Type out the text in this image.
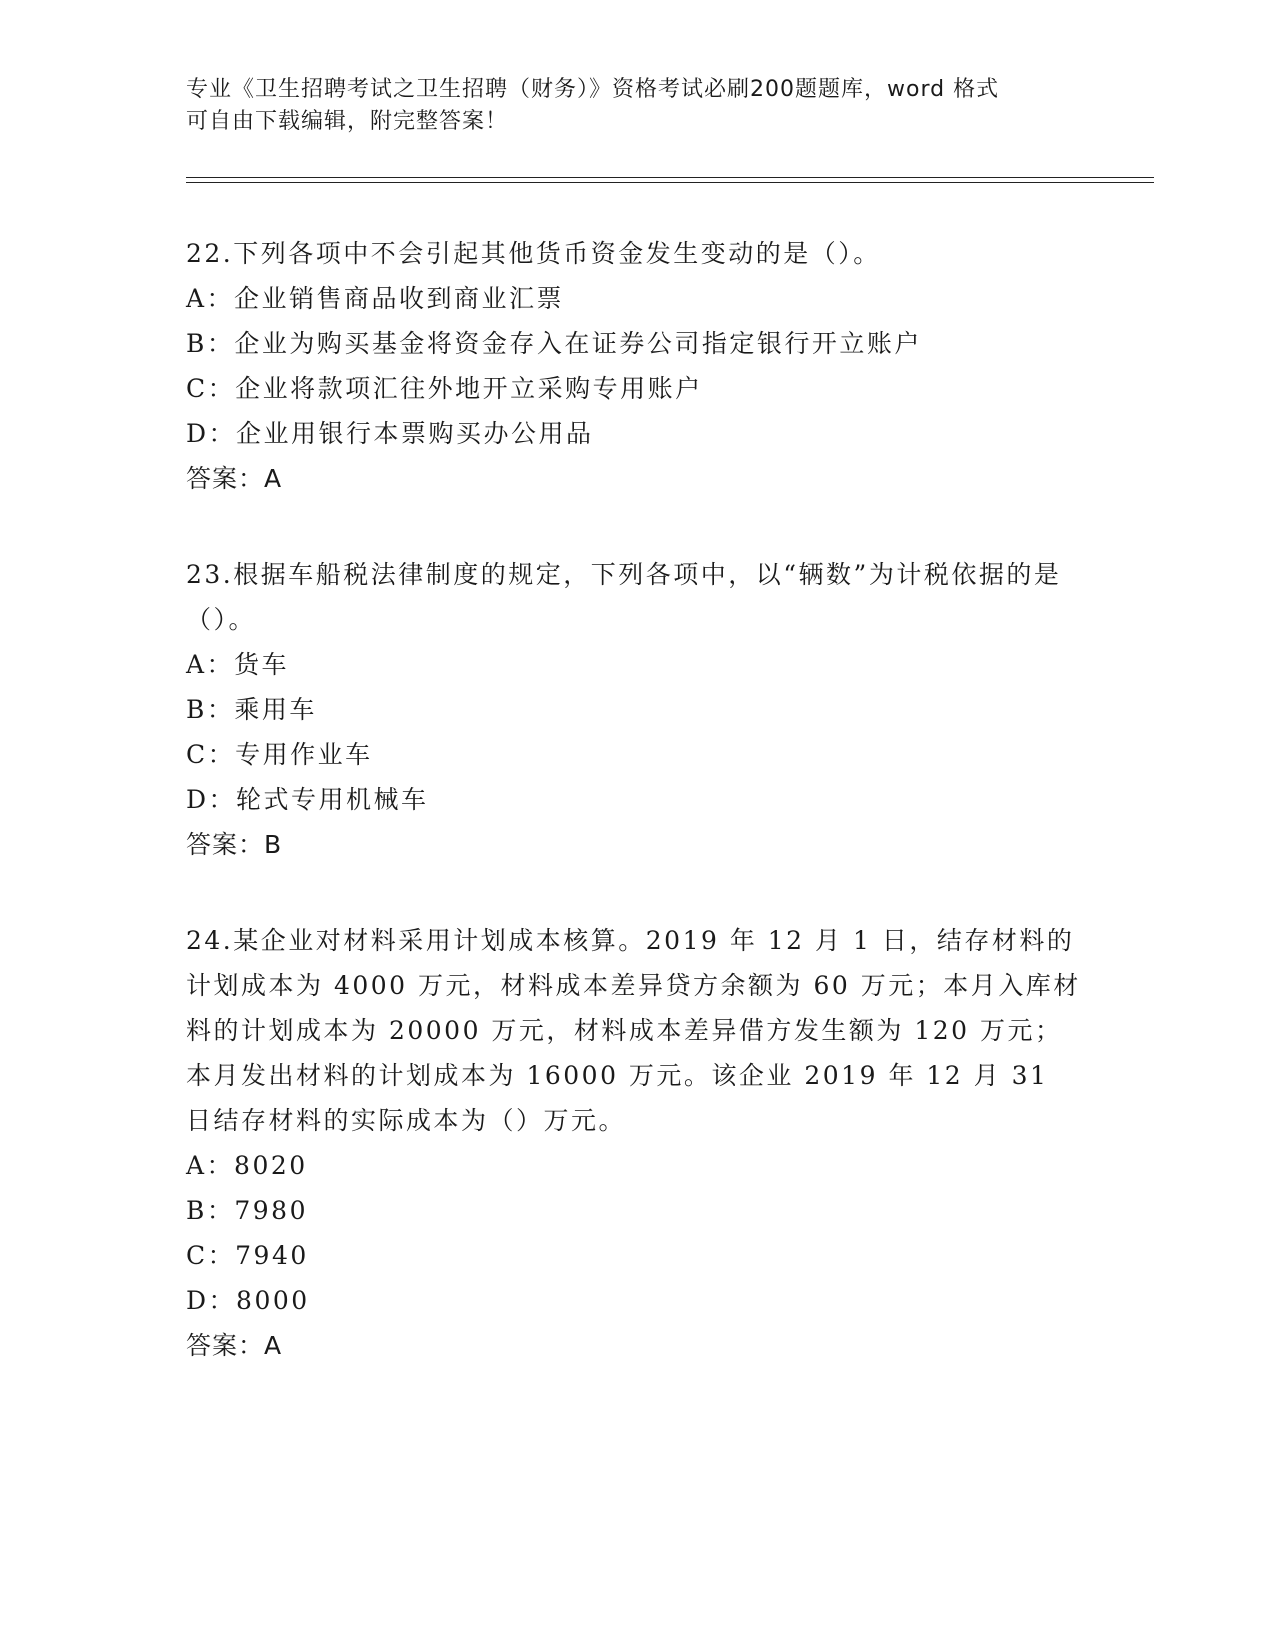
专业《卫生招聘考试之卫生招聘（财务）》资格考试必刷200题题库，word 格式
可自由下载编辑，附完整答案！
22.下列各项中不会引起其他货币资金发生变动的是（）。
A：企业销售商品收到商业汇票
B：企业为购买基金将资金存入在证券公司指定银行开立账户
C：企业将款项汇往外地开立采购专用账户
D：企业用银行本票购买办公用品
答案：A
23.根据车船税法律制度的规定，下列各项中，以“辆数”为计税依据的是（）。
A：货车
B：乘用车
C：专用作业车
D：轮式专用机械车
答案：B
24.某企业对材料采用计划成本核算。2019 年 12 月 1 日，结存材料的计划成本为 4000 万元，材料成本差异贷方余额为 60 万元；本月入库材料的计划成本为 20000 万元，材料成本差异借方发生额为 120 万元；本月发出材料的计划成本为 16000 万元。该企业 2019 年 12 月 31 日结存材料的实际成本为（）万元。
A：8020
B：7980
C：7940
D：8000
答案：A
